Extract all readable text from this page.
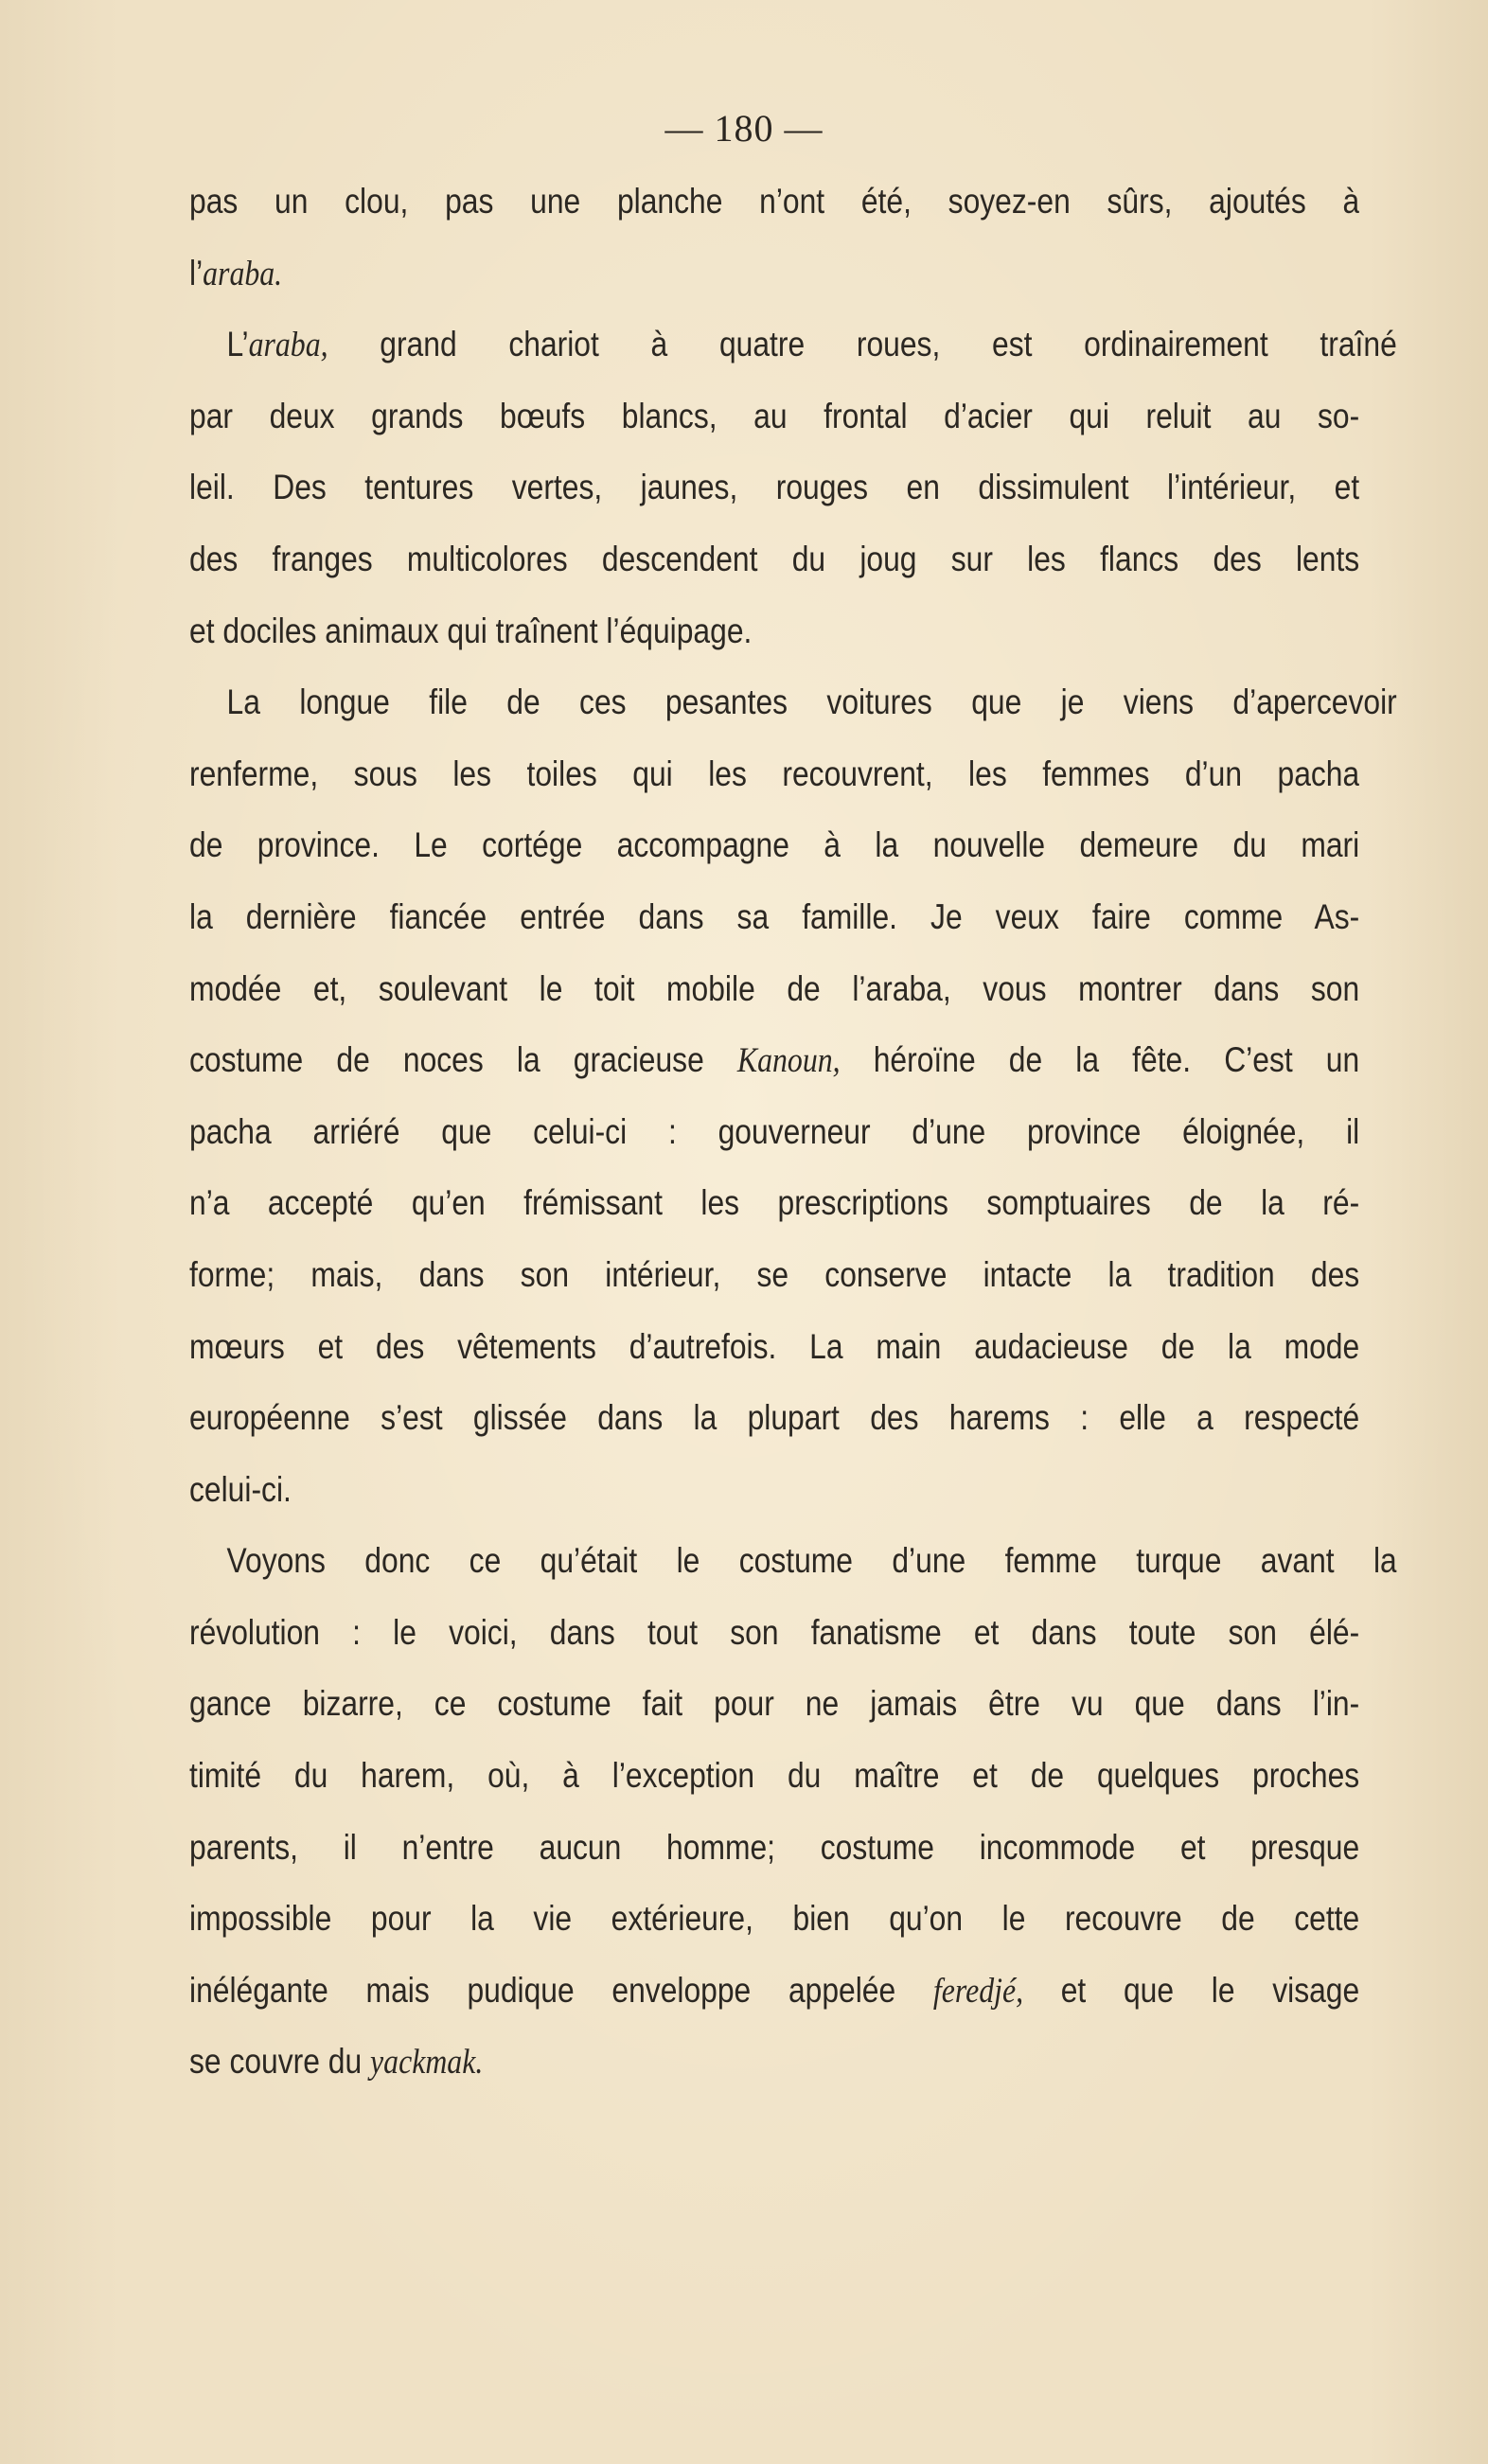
— 180 —
pas un clou, pas une planche n’ont été, soyez-en sûrs, ajoutés à
l’araba.
L’araba, grand chariot à quatre roues, est ordinairement traîné
par deux grands bœufs blancs, au frontal d’acier qui reluit au so-
leil. Des tentures vertes, jaunes, rouges en dissimulent l’intérieur, et
des franges multicolores descendent du joug sur les flancs des lents
et dociles animaux qui traînent l’équipage.
La longue file de ces pesantes voitures que je viens d’apercevoir
renferme, sous les toiles qui les recouvrent, les femmes d’un pacha
de province. Le cortége accompagne à la nouvelle demeure du mari
la dernière fiancée entrée dans sa famille. Je veux faire comme As-
modée et, soulevant le toit mobile de l’araba, vous montrer dans son
costume de noces la gracieuse Kanoun, héroïne de la fête. C’est un
pacha arriéré que celui-ci : gouverneur d’une province éloignée, il
n’a accepté qu’en frémissant les prescriptions somptuaires de la ré-
forme; mais, dans son intérieur, se conserve intacte la tradition des
mœurs et des vêtements d’autrefois. La main audacieuse de la mode
européenne s’est glissée dans la plupart des harems : elle a respecté
celui-ci.
Voyons donc ce qu’était le costume d’une femme turque avant la
révolution : le voici, dans tout son fanatisme et dans toute son élé-
gance bizarre, ce costume fait pour ne jamais être vu que dans l’in-
timité du harem, où, à l’exception du maître et de quelques proches
parents, il n’entre aucun homme; costume incommode et presque
impossible pour la vie extérieure, bien qu’on le recouvre de cette
inélégante mais pudique enveloppe appelée feredjé, et que le visage
se couvre du yackmak.
